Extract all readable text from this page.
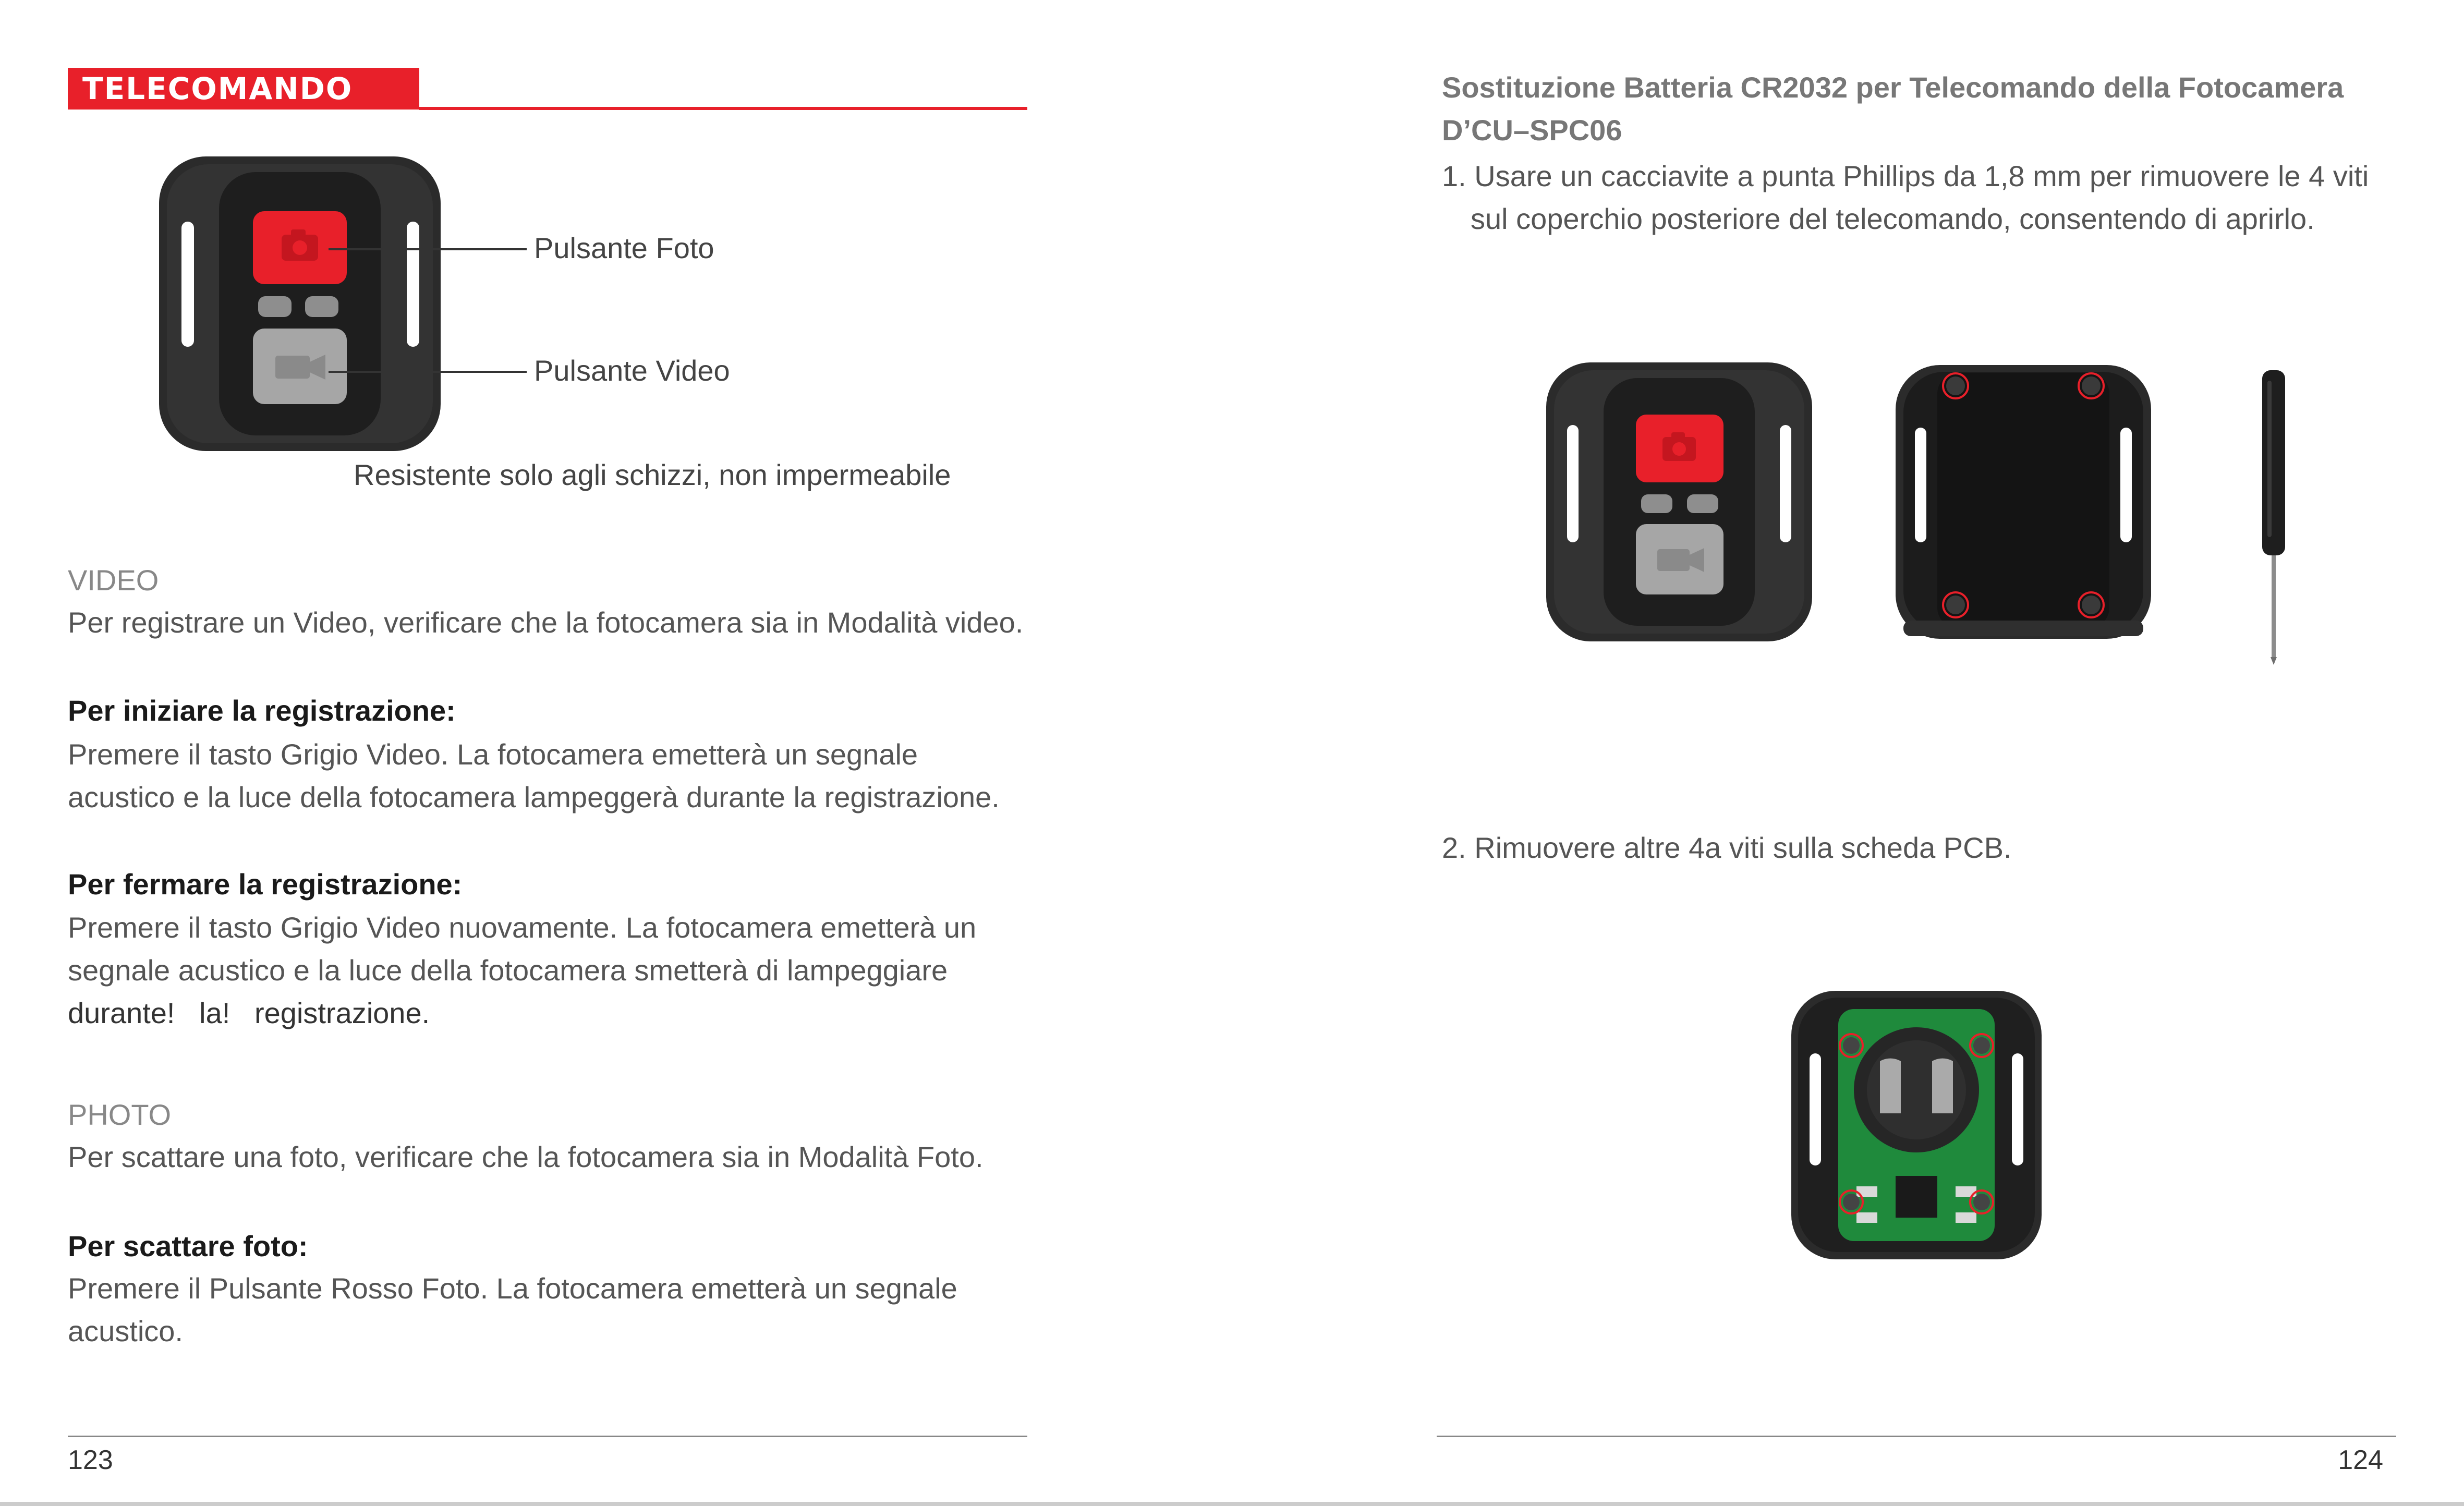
TELECOMANDO
Pulsante Foto
Pulsante Video
Resistente solo agli schizzi, non impermeabile
VIDEO
Per registrare un Video, verificare che la fotocamera sia in Modalità video.
Per iniziare la registrazione:
Premere il tasto Grigio Video. La fotocamera emetterà un segnale acustico e la luce della fotocamera lampeggerà durante la registrazione.
Per fermare la registrazione:
Premere il tasto Grigio Video nuovamente. La fotocamera emetterà un segnale acustico e la luce della fotocamera smetterà di lampeggiare
durante!   la!   registrazione.
PHOTO
Per scattare una foto, verificare che la fotocamera sia in Modalità Foto.
Per scattare foto:
Premere il Pulsante Rosso Foto. La fotocamera emetterà un segnale acustico.
123
Sostituzione Batteria CR2032 per Telecomando della Fotocamera
D’CU–SPC06
1. Usare un cacciavite a punta Phillips da 1,8 mm per rimuovere le 4 viti
sul coperchio posteriore del telecomando, consentendo di aprirlo.
2. Rimuovere altre 4a viti sulla scheda PCB.
124
